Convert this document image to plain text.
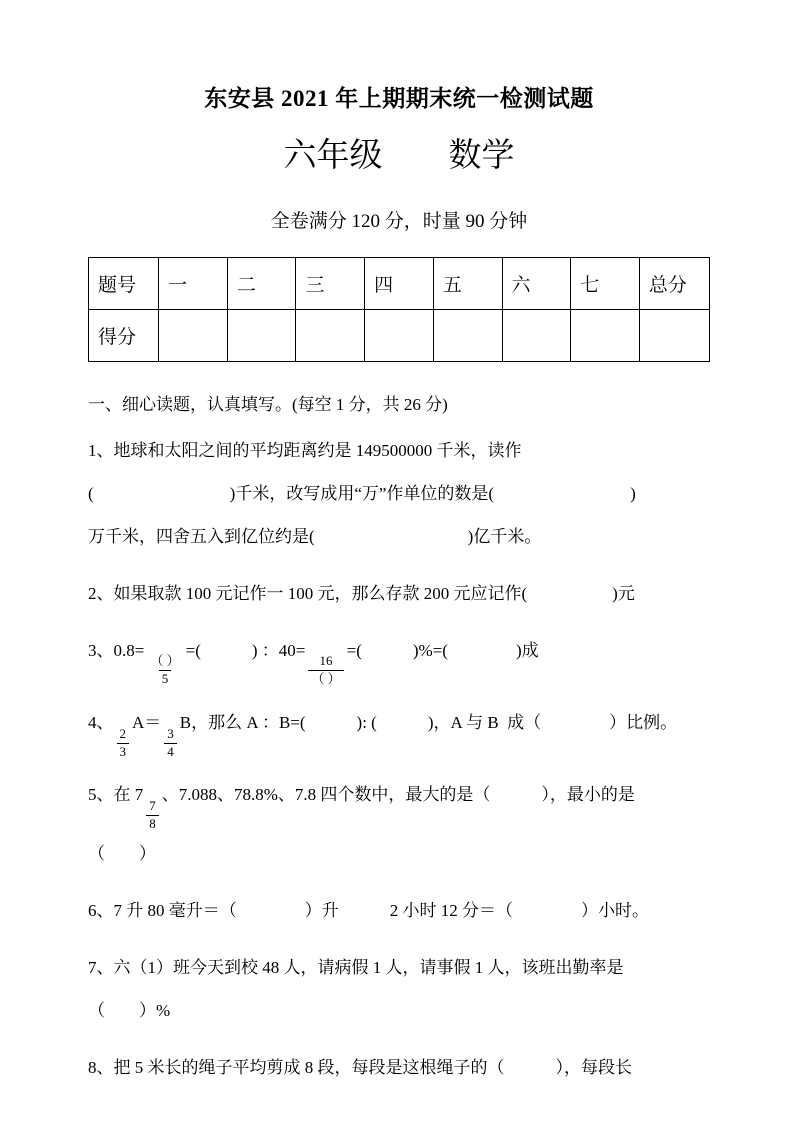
东安县 2021 年上期期末统一检测试题
六年级　　数学

全卷满分 120 分，时量 90 分钟

题号	一	二	三	四	五	六	七	总分
得分								

一、细心读题，认真填写。(每空 1 分，共 26 分)

1、地球和太阳之间的平均距离约是 149500000 千米，读作

(　　　　　　　　)千米，改写成用“万”作单位的数是(　　　　　　　　)

万千米，四舍五入到亿位约是(　　　　　　　　　)亿千米。

2、如果取款 100 元记作一 100 元，那么存款 200 元应记作(　　　　　)元

3、0.8=
$\frac{( )}{5}$
=(　　　) ：40=
$\frac{16}{( )}$
=(　　　)%=(　　　　)成

4、
$\frac{2}{3}$
A＝
$\frac{3}{4}$
B，那么 A ：B=(　　　): (　　　)，A 与 B  成（　　　　）比例。

5、在 7
$\frac{7}{8}$
、7.088、78.8%、7.8 四个数中，最大的是（　　　），最小的是

（　　）

6、7 升 80 毫升＝（　　　　）升　　　2 小时 12 分＝（　　　　）小时。

7、六（1）班今天到校 48 人，请病假 1 人，请事假 1 人，该班出勤率是

（　　）%

8、把 5 米长的绳子平均剪成 8 段，每段是这根绳子的（　　　），每段长
